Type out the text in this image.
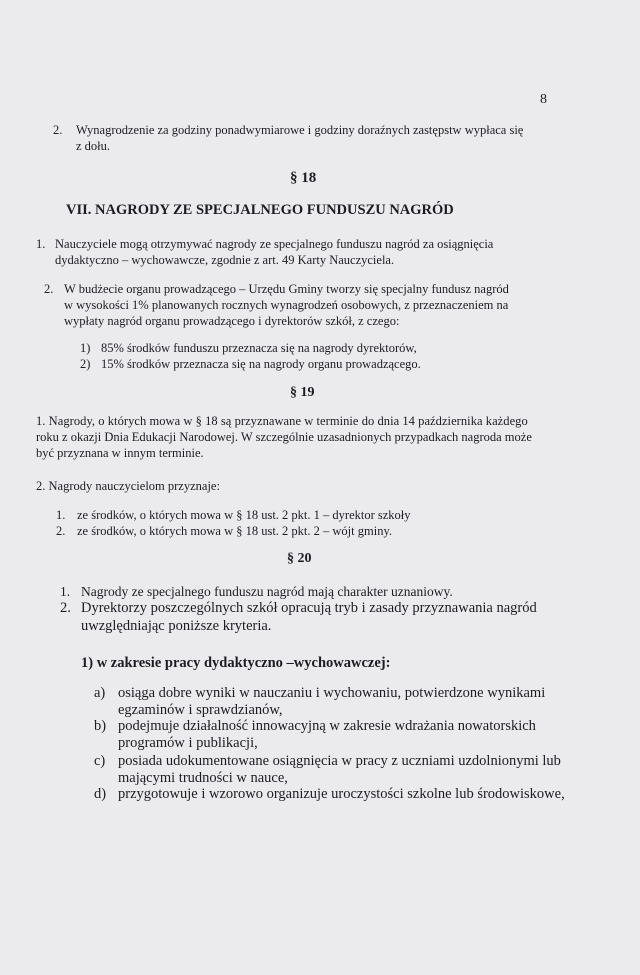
8

2. Wynagrodzenie za godziny ponadwymiarowe i godziny doraźnych zastępstw wypłaca się

z dołu.

§ 18

VII. NAGRODY ZE SPECJALNEGO FUNDUSZU NAGRÓD

1. Nauczyciele mogą otrzymywać nagrody ze specjalnego funduszu nagród za osiągnięcia

dydaktyczno – wychowawcze, zgodnie z art. 49 Karty Nauczyciela.

2. W budżecie organu prowadzącego – Urzędu Gminy tworzy się specjalny fundusz nagród

w wysokości 1% planowanych rocznych wynagrodzeń osobowych, z przeznaczeniem na

wypłaty nagród organu prowadzącego i dyrektorów szkół, z czego:

1) 85% środków funduszu przeznacza się na nagrody dyrektorów,

2) 15% środków przeznacza się na nagrody organu prowadzącego.

§ 19

1. Nagrody, o których mowa w § 18 są przyznawane w terminie do dnia 14 października każdego

roku z okazji Dnia Edukacji Narodowej. W szczególnie uzasadnionych przypadkach nagroda może

być przyznana w innym terminie.

2. Nagrody nauczycielom przyznaje:

1. ze środków, o których mowa w § 18 ust. 2 pkt. 1 – dyrektor szkoły

2. ze środków, o których mowa w § 18 ust. 2 pkt. 2 – wójt gminy.

§ 20

1. Nagrody ze specjalnego funduszu nagród mają charakter uznaniowy.

2. Dyrektorzy poszczególnych szkół opracują tryb i zasady przyznawania nagród

uwzględniając poniższe kryteria.

1) w zakresie pracy dydaktyczno –wychowawczej:

a) osiąga dobre wyniki w nauczaniu i wychowaniu, potwierdzone wynikami

egzaminów i sprawdzianów,

b) podejmuje działalność innowacyjną w zakresie wdrażania nowatorskich

programów i publikacji,

c) posiada udokumentowane osiągnięcia w pracy z uczniami uzdolnionymi lub

mającymi trudności w nauce,

d) przygotowuje i wzorowo organizuje uroczystości szkolne lub środowiskowe,
